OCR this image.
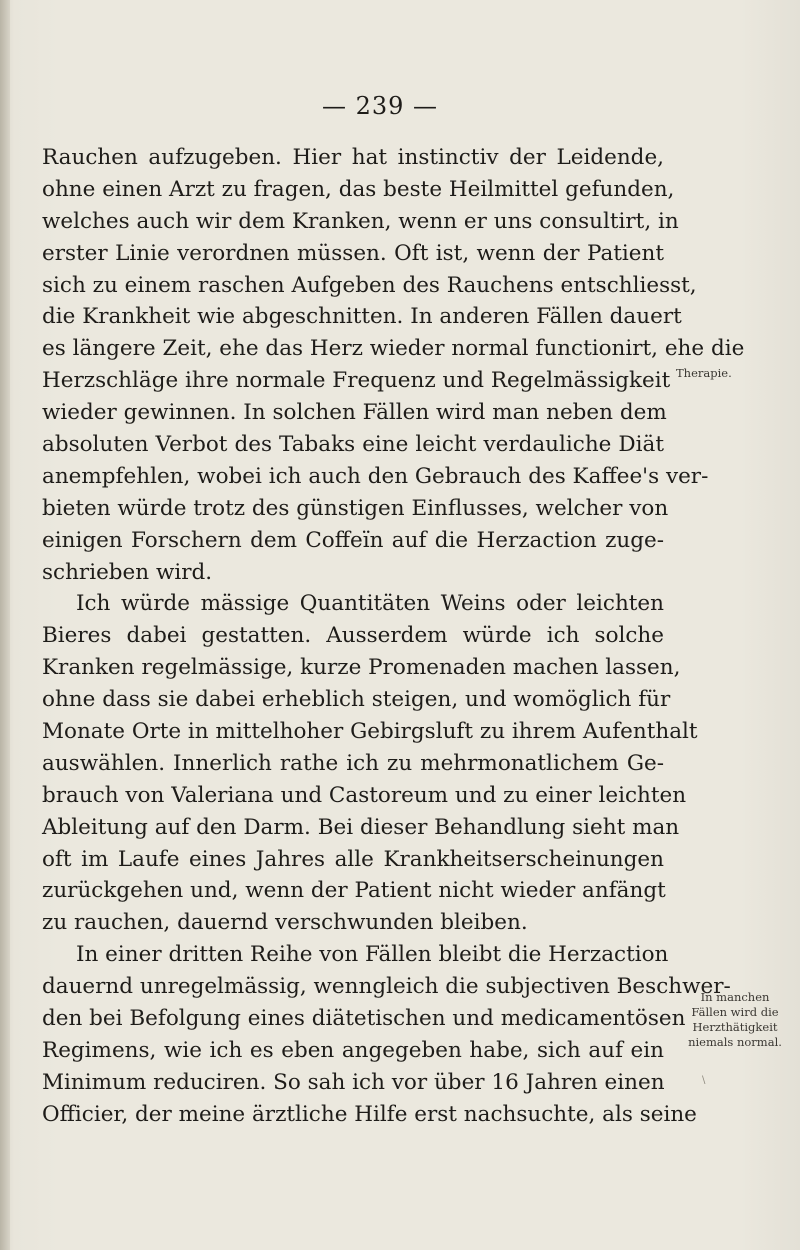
— 239 —
Rauchen aufzugeben. Hier hat instinctiv der Leidende,
ohne einen Arzt zu fragen, das beste Heilmittel gefunden,
welches auch wir dem Kranken, wenn er uns consultirt, in
erster Linie verordnen müssen. Oft ist, wenn der Patient
sich zu einem raschen Aufgeben des Rauchens entschliesst,
die Krankheit wie abgeschnitten. In anderen Fällen dauert
es längere Zeit, ehe das Herz wieder normal functionirt, ehe die
Herzschläge ihre normale Frequenz und Regelmässigkeit
wieder gewinnen. In solchen Fällen wird man neben dem
absoluten Verbot des Tabaks eine leicht verdauliche Diät
anempfehlen, wobei ich auch den Gebrauch des Kaffee's ver-
bieten würde trotz des günstigen Einflusses, welcher von
einigen Forschern dem Coffeïn auf die Herzaction zuge-
schrieben wird.
Ich würde mässige Quantitäten Weins oder leichten
Bieres dabei gestatten. Ausserdem würde ich solche
Kranken regelmässige, kurze Promenaden machen lassen,
ohne dass sie dabei erheblich steigen, und womöglich für
Monate Orte in mittelhoher Gebirgsluft zu ihrem Aufenthalt
auswählen. Innerlich rathe ich zu mehrmonatlichem Ge-
brauch von Valeriana und Castoreum und zu einer leichten
Ableitung auf den Darm. Bei dieser Behandlung sieht man
oft im Laufe eines Jahres alle Krankheitserscheinungen
zurückgehen und, wenn der Patient nicht wieder anfängt
zu rauchen, dauernd verschwunden bleiben.
In einer dritten Reihe von Fällen bleibt die Herzaction
dauernd unregelmässig, wenngleich die subjectiven Beschwer-
den bei Befolgung eines diätetischen und medicamentösen
Regimens, wie ich es eben angegeben habe, sich auf ein
Minimum reduciren. So sah ich vor über 16 Jahren einen
Officier, der meine ärztliche Hilfe erst nachsuchte, als seine
Therapie.
In manchen
Fällen wird die
Herzthätigkeit
niemals normal.
\
